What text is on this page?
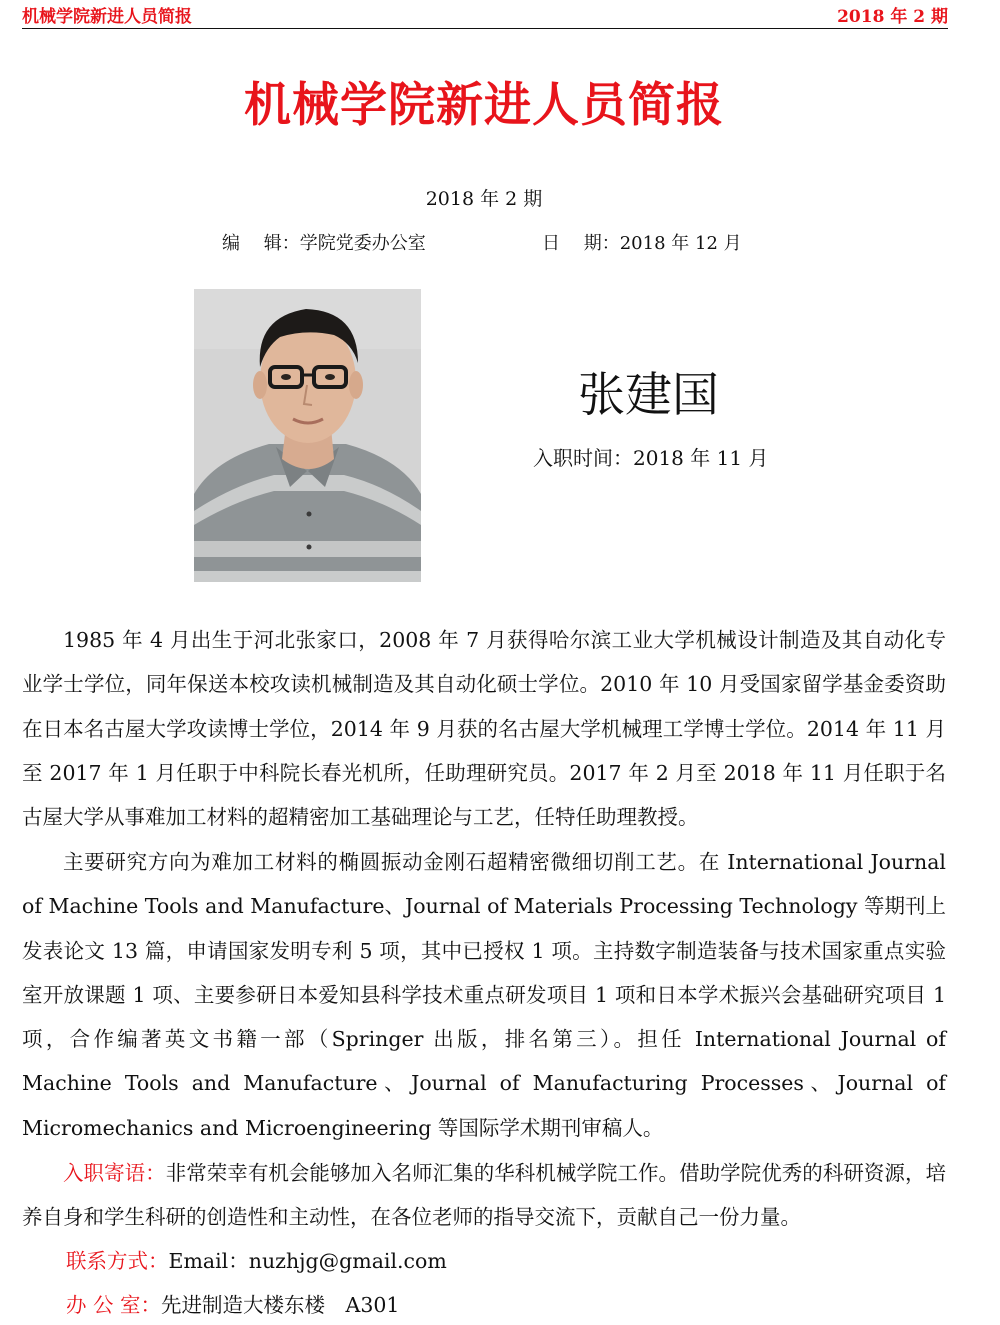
机械学院新进人员简报	2018 年 2 期
机械学院新进人员简报
2018 年 2 期
编　 辑：学院党委办公室	日　 期：2018 年 12 月
张建国
入职时间：2018 年 11 月

1985 年 4 月出生于河北张家口，2008 年 7 月获得哈尔滨工业大学机械设计制造及其自动化专业学士学位，同年保送本校攻读机械制造及其自动化硕士学位。2010 年 10 月受国家留学基金委资助在日本名古屋大学攻读博士学位，2014 年 9 月获的名古屋大学机械理工学博士学位。2014 年 11 月至 2017 年 1 月任职于中科院长春光机所，任助理研究员。2017 年 2 月至 2018 年 11 月任职于名古屋大学从事难加工材料的超精密加工基础理论与工艺，任特任助理教授。

主要研究方向为难加工材料的椭圆振动金刚石超精密微细切削工艺。在 International Journal of Machine Tools and Manufacture、Journal of Materials Processing Technology 等期刊上发表论文 13 篇，申请国家发明专利 5 项，其中已授权 1 项。主持数字制造装备与技术国家重点实验室开放课题 1 项、主要参研日本爱知县科学技术重点研发项目 1 项和日本学术振兴会基础研究项目 1 项，合作编著英文书籍一部（Springer 出版，排名第三）。担任 International Journal of Machine Tools and Manufacture、Journal of Manufacturing Processes、Journal of Micromechanics and Microengineering 等国际学术期刊审稿人。

入职寄语：非常荣幸有机会能够加入名师汇集的华科机械学院工作。借助学院优秀的科研资源，培养自身和学生科研的创造性和主动性，在各位老师的指导交流下，贡献自己一份力量。

联系方式：Email：nuzhjg@gmail.com
办 公 室：先进制造大楼东楼　A301
